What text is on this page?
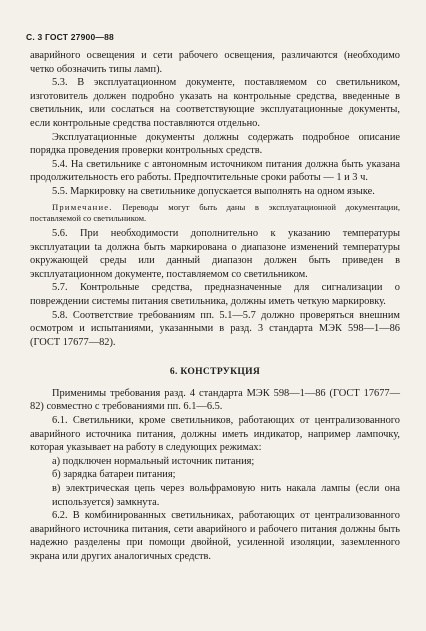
С. 3 ГОСТ 27900—88

аварийного освещения и сети рабочего освещения, различаются (необходимо четко обозначить типы ламп).

5.3. В эксплуатационном документе, поставляемом со светильником, изготовитель должен подробно указать на контрольные средства, введенные в светильник, или сослаться на соответствующие эксплуатационные документы, если контрольные средства поставляются отдельно.

Эксплуатационные документы должны содержать подробное описание порядка проведения проверки контрольных средств.

5.4. На светильнике с автономным источником питания должна быть указана продолжительность его работы. Предпочтительные сроки работы — 1 и 3 ч.

5.5. Маркировку на светильнике допускается выполнять на одном языке.

Примечание. Переводы могут быть даны в эксплуатационной документации, поставляемой со светильником.

5.6. При необходимости дополнительно к указанию температуры эксплуатации tа должна быть маркирована о диапазоне изменений температуры окружающей среды или данный диапазон должен быть приведен в эксплуатационном документе, поставляемом со светильником.

5.7. Контрольные средства, предназначенные для сигнализации о повреждении системы питания светильника, должны иметь четкую маркировку.

5.8. Соответствие требованиям пп. 5.1—5.7 должно проверяться внешним осмотром и испытаниями, указанными в разд. 3 стандарта МЭК 598—1—86 (ГОСТ 17677—82).

6. КОНСТРУКЦИЯ

Применимы требования разд. 4 стандарта МЭК 598—1—86 (ГОСТ 17677—82) совместно с требованиями пп. 6.1—6.5.

6.1. Светильники, кроме светильников, работающих от централизованного аварийного источника питания, должны иметь индикатор, например лампочку, которая указывает на работу в следующих режимах:

а) подключен нормальный источник питания;

б) зарядка батареи питания;

в) электрическая цепь через вольфрамовую нить накала лампы (если она используется) замкнута.

6.2. В комбинированных светильниках, работающих от централизованного аварийного источника питания, сети аварийного и рабочего питания должны быть надежно разделены при помощи двойной, усиленной изоляции, заземленного экрана или других аналогичных средств.
